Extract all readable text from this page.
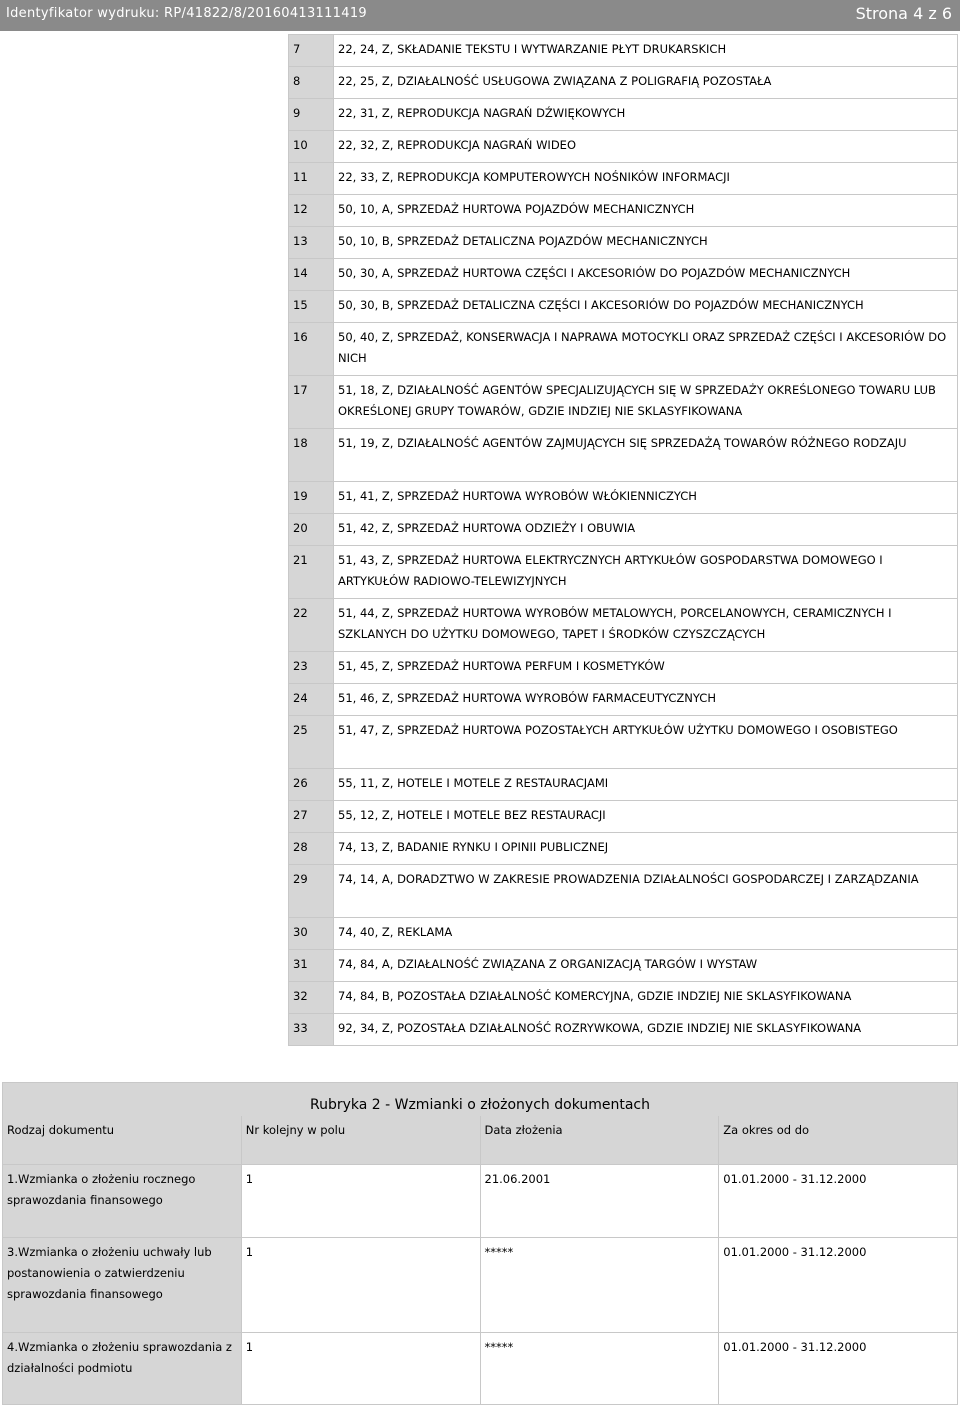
Identyfikator wydruku: RP/41822/8/20160413111419	Strona 4 z 6
7	22, 24, Z, SKŁADANIE TEKSTU I WYTWARZANIE PŁYT DRUKARSKICH
8	22, 25, Z, DZIAŁALNOŚĆ USŁUGOWA ZWIĄZANA Z POLIGRAFIĄ POZOSTAŁA
9	22, 31, Z, REPRODUKCJA NAGRAŃ DŹWIĘKOWYCH
10	22, 32, Z, REPRODUKCJA NAGRAŃ WIDEO
11	22, 33, Z, REPRODUKCJA KOMPUTEROWYCH NOŚNIKÓW INFORMACJI
12	50, 10, A, SPRZEDAŻ HURTOWA POJAZDÓW MECHANICZNYCH
13	50, 10, B, SPRZEDAŻ DETALICZNA POJAZDÓW MECHANICZNYCH
14	50, 30, A, SPRZEDAŻ HURTOWA CZĘŚCI I AKCESORIÓW DO POJAZDÓW MECHANICZNYCH
15	50, 30, B, SPRZEDAŻ DETALICZNA CZĘŚCI I AKCESORIÓW DO POJAZDÓW MECHANICZNYCH
16	50, 40, Z, SPRZEDAŻ, KONSERWACJA I NAPRAWA MOTOCYKLI ORAZ SPRZEDAŻ CZĘŚCI I AKCESORIÓW DO NICH
17	51, 18, Z, DZIAŁALNOŚĆ AGENTÓW SPECJALIZUJĄCYCH SIĘ W SPRZEDAŻY OKREŚLONEGO TOWARU LUB OKREŚLONEJ GRUPY TOWARÓW, GDZIE INDZIEJ NIE SKLASYFIKOWANA
18	51, 19, Z, DZIAŁALNOŚĆ AGENTÓW ZAJMUJĄCYCH SIĘ SPRZEDAŻĄ TOWARÓW RÓŻNEGO RODZAJU
19	51, 41, Z, SPRZEDAŻ HURTOWA WYROBÓW WŁÓKIENNICZYCH
20	51, 42, Z, SPRZEDAŻ HURTOWA ODZIEŻY I OBUWIA
21	51, 43, Z, SPRZEDAŻ HURTOWA ELEKTRYCZNYCH ARTYKUŁÓW GOSPODARSTWA DOMOWEGO I ARTYKUŁÓW RADIOWO-TELEWIZYJNYCH
22	51, 44, Z, SPRZEDAŻ HURTOWA WYROBÓW METALOWYCH, PORCELANOWYCH, CERAMICZNYCH I SZKLANYCH DO UŻYTKU DOMOWEGO, TAPET I ŚRODKÓW CZYSZCZĄCYCH
23	51, 45, Z, SPRZEDAŻ HURTOWA PERFUM I KOSMETYKÓW
24	51, 46, Z, SPRZEDAŻ HURTOWA WYROBÓW FARMACEUTYCZNYCH
25	51, 47, Z, SPRZEDAŻ HURTOWA POZOSTAŁYCH ARTYKUŁÓW UŻYTKU DOMOWEGO I OSOBISTEGO
26	55, 11, Z, HOTELE I MOTELE Z RESTAURACJAMI
27	55, 12, Z, HOTELE I MOTELE BEZ RESTAURACJI
28	74, 13, Z, BADANIE RYNKU I OPINII PUBLICZNEJ
29	74, 14, A, DORADZTWO W ZAKRESIE PROWADZENIA DZIAŁALNOŚCI GOSPODARCZEJ I ZARZĄDZANIA
30	74, 40, Z, REKLAMA
31	74, 84, A, DZIAŁALNOŚĆ ZWIĄZANA Z ORGANIZACJĄ TARGÓW I WYSTAW
32	74, 84, B, POZOSTAŁA DZIAŁALNOŚĆ KOMERCYJNA, GDZIE INDZIEJ NIE SKLASYFIKOWANA
33	92, 34, Z, POZOSTAŁA DZIAŁALNOŚĆ ROZRYWKOWA, GDZIE INDZIEJ NIE SKLASYFIKOWANA
Rubryka 2 - Wzmianki o złożonych dokumentach			
Rodzaj dokumentu	Nr kolejny w polu	Data złożenia	Za okres od do
1.Wzmianka o złożeniu rocznego sprawozdania finansowego	1	21.06.2001	01.01.2000 - 31.12.2000
3.Wzmianka o złożeniu uchwały lub postanowienia o zatwierdzeniu sprawozdania finansowego	1	*****	01.01.2000 - 31.12.2000
4.Wzmianka o złożeniu sprawozdania z działalności podmiotu	1	*****	01.01.2000 - 31.12.2000
